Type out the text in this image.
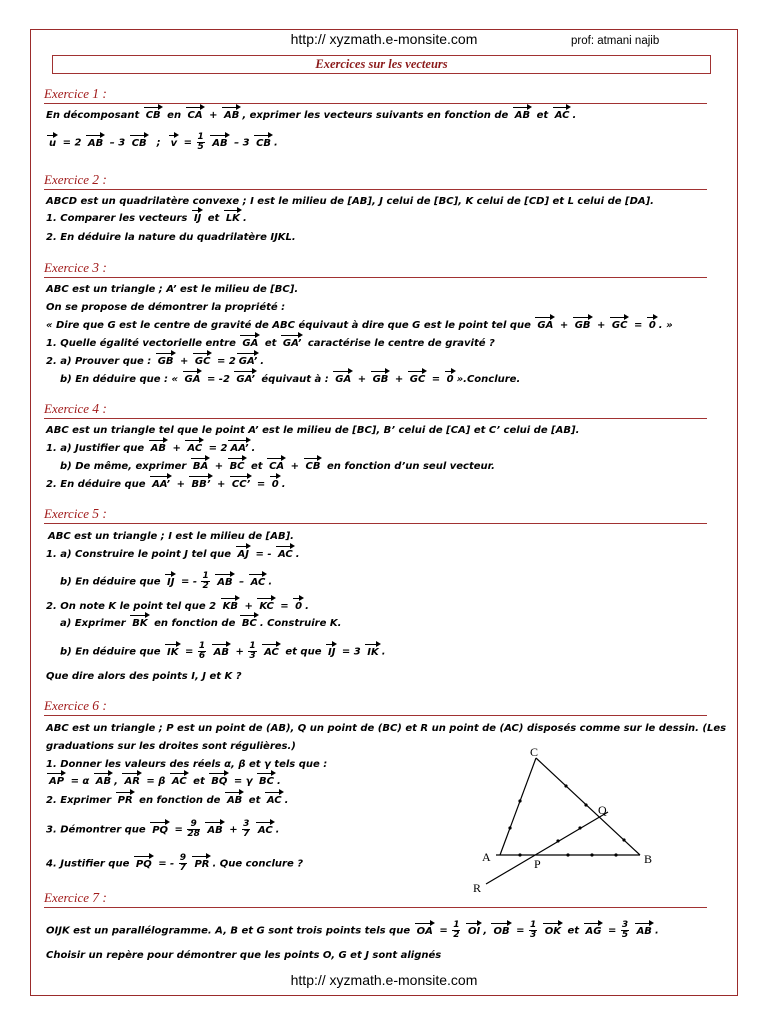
http:// xyzmath.e-monsite.com	prof: atmani najib
Exercices sur les vecteurs
Exercice 1 :
Exercice 2 :
Exercice 3 :
Exercice 4 :
Exercice 5 :
Exercice 6 :
Exercice 7 :
En décomposant CB en CA + AB , exprimer les vecteurs suivants en fonction de AB et AC .
u = 2 AB – 3 CB ; $v = \frac{1}{5}$ AB – 3 CB .
ABCD est un quadrilatère convexe ; I est le milieu de [AB], J celui de [BC], K celui de [CD] et L celui de [DA].
1. Comparer les vecteurs IJ et LK .
2. En déduire la nature du quadrilatère IJKL.
ABC est un triangle ; A’ est le milieu de [BC].
On se propose de démontrer la propriété :
« Dire que G est le centre de gravité de ABC équivaut à dire que G est le point tel que GA + GB + GC = 0 . »
1. Quelle égalité vectorielle entre GA et GA’ caractérise le centre de gravité ?
2. a) Prouver que : GB + GC = 2 GA’ .
b) En déduire que : « GA = -2 GA’ équivaut à : GA + GB + GC = 0 ».Conclure.
ABC est un triangle tel que le point A’ est le milieu de [BC], B’ celui de [CA] et C’ celui de [AB].
1. a) Justifier que AB + AC = 2 AA’ .
b) De même, exprimer BA + BC et CA + CB en fonction d’un seul vecteur.
2. En déduire que AA’ + BB’ + CC’ = 0 .
ABC est un triangle ; I est le milieu de [AB].
1. a) Construire le point J tel que AJ = - AC .
b) En déduire que IJ = - $\frac{1}{2}$ AB – AC .
2. On note K le point tel que 2 KB + KC = 0 .
a) Exprimer BK en fonction de BC . Construire K.
b) En déduire que IK = $\frac{1}{6}$ AB + $\frac{1}{3}$ AC et que IJ = 3 IK .
Que dire alors des points I, J et K ?
ABC est un triangle ; P est un point de (AB), Q un point de (BC) et R un point de (AC) disposés comme sur le dessin. (Les
graduations sur les droites sont régulières.)
1. Donner les valeurs des réels α, β et γ tels que :
AP = α AB , AR = β AC et BQ = γ BC .
2. Exprimer PR en fonction de AB et AC .
3. Démontrer que PQ = $\frac{9}{28}$ AB + $\frac{3}{7}$ AC .
4. Justifier que PQ = - $\frac{9}{7}$ PR . Que conclure ?
C
A	B
P
Q
R
OIJK est un parallélogramme. A, B et G sont trois points tels que OA = $\frac{1}{2}$ OI , OB = $\frac{1}{3}$ OK et AG = $\frac{3}{5}$ AB .
Choisir un repère pour démontrer que les points O, G et J sont alignés
http:// xyzmath.e-monsite.com
